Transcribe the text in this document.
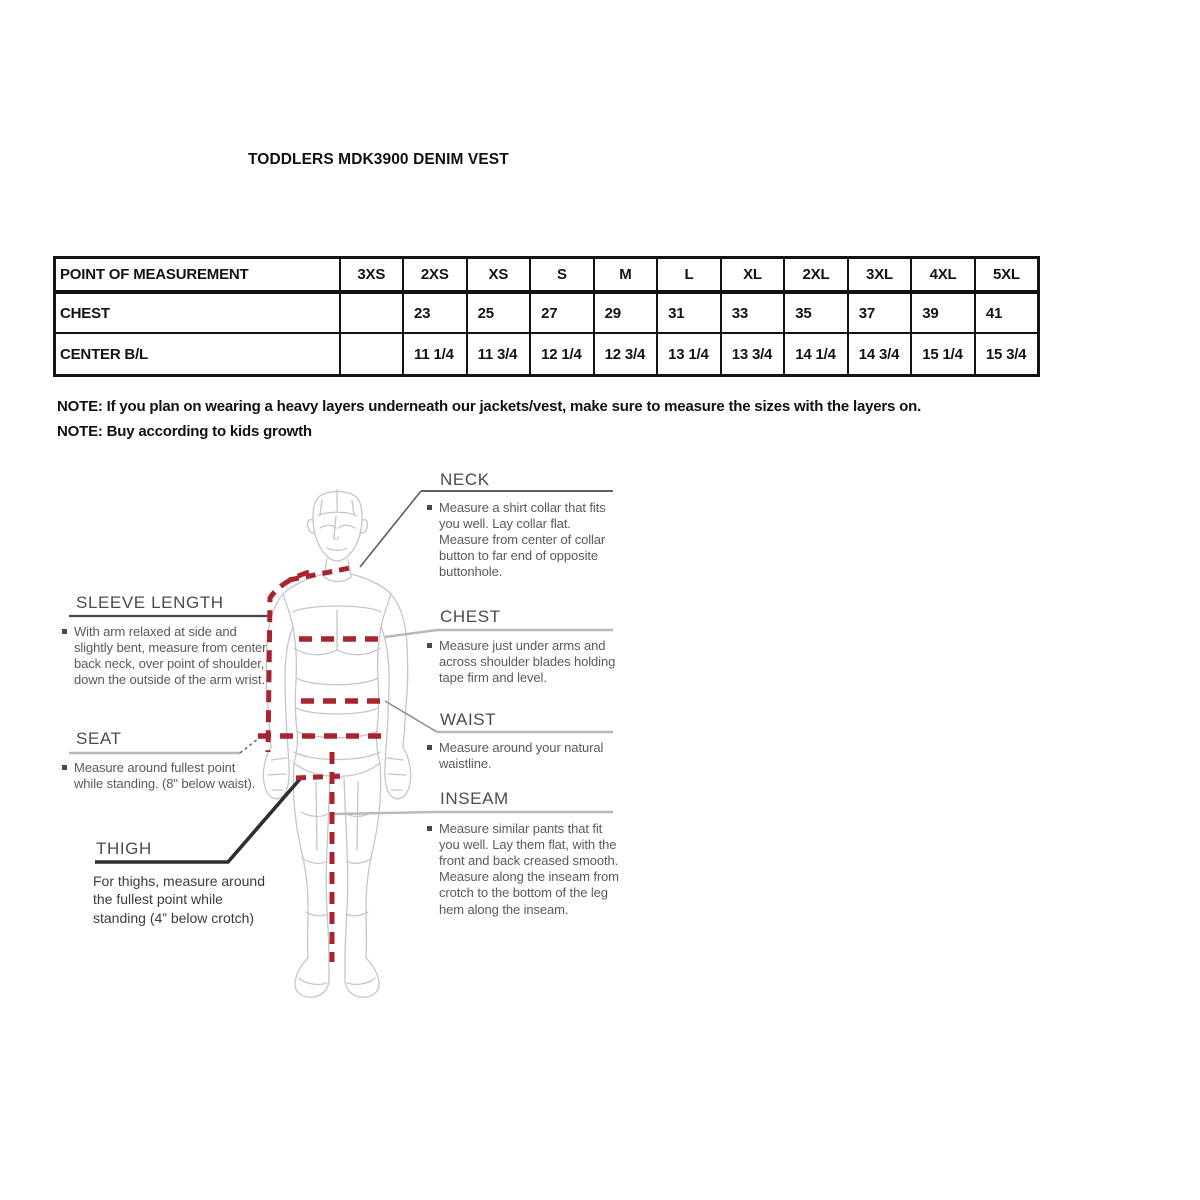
TODDLERS MDK3900 DENIM VEST
POINT OF MEASUREMENT	3XS	2XS	XS	S	M	L	XL	2XL	3XL	4XL	5XL
CHEST		23	25	27	29	31	33	35	37	39	41
CENTER B/L		11 1/4	11 3/4	12 1/4	12 3/4	13 1/4	13 3/4	14 1/4	14 3/4	15 1/4	15 3/4
NOTE: If you plan on wearing a heavy layers underneath our jackets/vest, make sure to measure the sizes with the layers on.
NOTE: Buy according to kids growth
NECK
CHEST
WAIST
INSEAM
SLEEVE LENGTH
SEAT
THIGH
Measure a shirt collar that fits you well. Lay collar flat. Measure from center of collar button to far end of opposite buttonhole.
Measure just under arms and across shoulder blades holding tape firm and level.
Measure around your natural waistline.
Measure similar pants that fit you well. Lay them flat, with the front and back creased smooth. Measure along the inseam from crotch to the bottom of the leg hem along the inseam.
With arm relaxed at side and slightly bent, measure from center back neck, over point of shoulder, down the outside of the arm wrist.
Measure around fullest point while standing. (8" below waist).
For thighs, measure around the fullest point while standing (4” below crotch)
